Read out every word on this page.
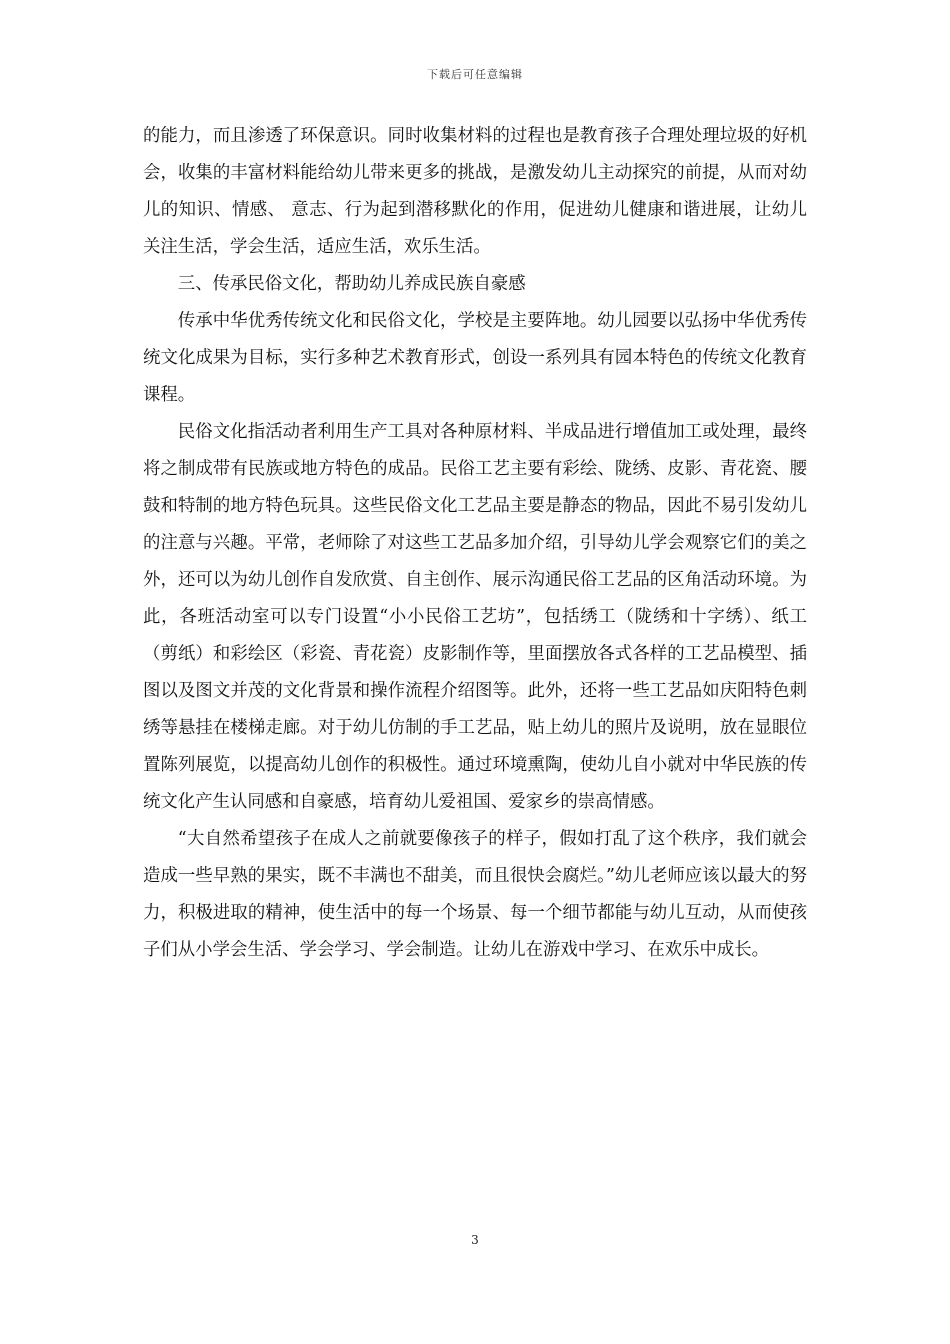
下载后可任意编辑

的能力，而且渗透了环保意识。同时收集材料的过程也是教育孩子合理处理垃圾的好机会，收集的丰富材料能给幼儿带来更多的挑战，是激发幼儿主动探究的前提，从而对幼儿的知识、情感、 意志、行为起到潜移默化的作用，促进幼儿健康和谐进展，让幼儿关注生活，学会生活，适应生活，欢乐生活。

三、传承民俗文化，帮助幼儿养成民族自豪感

传承中华优秀传统文化和民俗文化，学校是主要阵地。幼儿园要以弘扬中华优秀传统文化成果为目标，实行多种艺术教育形式，创设一系列具有园本特色的传统文化教育课程。

民俗文化指活动者利用生产工具对各种原材料、半成品进行增值加工或处理，最终将之制成带有民族或地方特色的成品。民俗工艺主要有彩绘、陇绣、皮影、青花瓷、腰鼓和特制的地方特色玩具。这些民俗文化工艺品主要是静态的物品，因此不易引发幼儿的注意与兴趣。平常，老师除了对这些工艺品多加介绍，引导幼儿学会观察它们的美之外，还可以为幼儿创作自发欣赏、自主创作、展示沟通民俗工艺品的区角活动环境。为此，各班活动室可以专门设置“小小民俗工艺坊”，包括绣工（陇绣和十字绣）、纸工（剪纸）和彩绘区（彩瓷、青花瓷）皮影制作等，里面摆放各式各样的工艺品模型、插图以及图文并茂的文化背景和操作流程介绍图等。此外，还将一些工艺品如庆阳特色刺绣等悬挂在楼梯走廊。对于幼儿仿制的手工艺品，贴上幼儿的照片及说明，放在显眼位置陈列展览，以提高幼儿创作的积极性。通过环境熏陶，使幼儿自小就对中华民族的传统文化产生认同感和自豪感，培育幼儿爱祖国、爱家乡的崇高情感。

“大自然希望孩子在成人之前就要像孩子的样子，假如打乱了这个秩序，我们就会造成一些早熟的果实，既不丰满也不甜美，而且很快会腐烂。”幼儿老师应该以最大的努力，积极进取的精神，使生活中的每一个场景、每一个细节都能与幼儿互动，从而使孩子们从小学会生活、学会学习、学会制造。让幼儿在游戏中学习、在欢乐中成长。

3
